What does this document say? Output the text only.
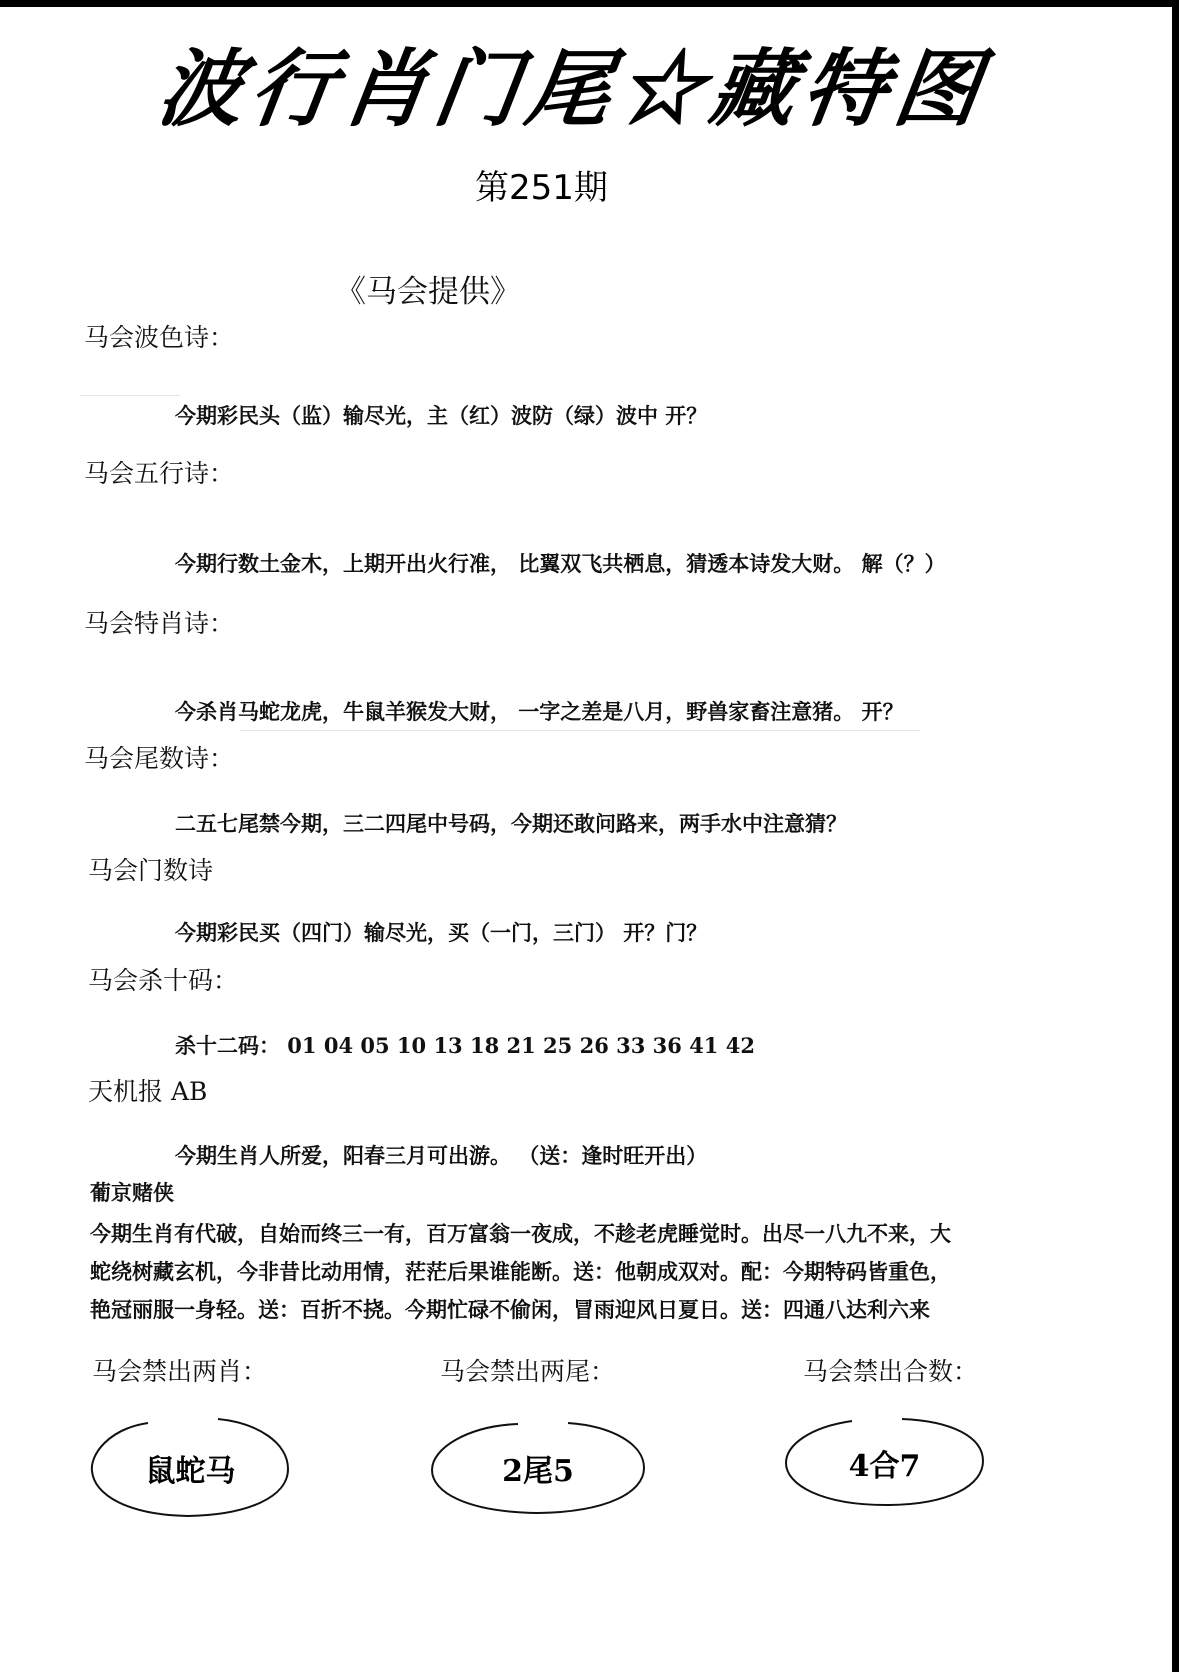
波行肖门尾☆藏特图
第251期
《马会提供》
马会波色诗：
今期彩民头（监）输尽光，主（红）波防（绿）波中 开？
马会五行诗：
今期行数土金木，上期开出火行准， 比翼双飞共栖息，猜透本诗发大财。 解（？）
马会特肖诗：
今杀肖马蛇龙虎，牛鼠羊猴发大财， 一字之差是八月，野兽家畜注意猪。 开？
马会尾数诗：
二五七尾禁今期，三二四尾中号码，今期还敢问路来，两手水中注意猜？
马会门数诗
今期彩民买（四门）输尽光，买（一门，三门） 开？门？
马会杀十码：
杀十二码： 01 04 05 10 13 18 21 25 26 33 36 41 42
天机报 AB
今期生肖人所爱，阳春三月可出游。 （送：逢时旺开出）
葡京赌侠
今期生肖有代破，自始而终三一有，百万富翁一夜成，不趁老虎睡觉时。出尽一八九不来，大
蛇绕树藏玄机，今非昔比动用情，茫茫后果谁能断。送：他朝成双对。配：今期特码皆重色，
艳冠丽服一身轻。送：百折不挠。今期忙碌不偷闲，冒雨迎风日夏日。送：四通八达利六来
马会禁出两肖：	马会禁出两尾：	马会禁出合数：
鼠蛇马	2尾5	4合7
